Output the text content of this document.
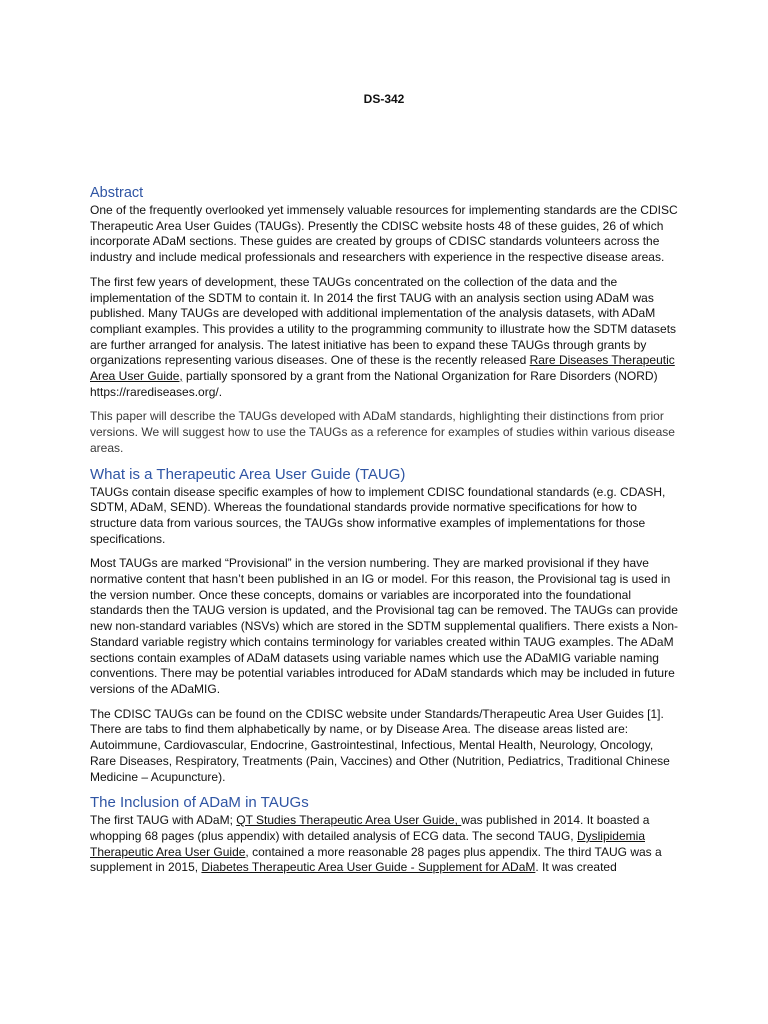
DS-342
Abstract

One of the frequently overlooked yet immensely valuable resources for implementing standards are the CDISC Therapeutic Area User Guides (TAUGs). Presently the CDISC website hosts 48 of these guides, 26 of which incorporate ADaM sections. These guides are created by groups of CDISC standards volunteers across the industry and include medical professionals and researchers with experience in the respective disease areas.

The first few years of development, these TAUGs concentrated on the collection of the data and the implementation of the SDTM to contain it. In 2014 the first TAUG with an analysis section using ADaM was published. Many TAUGs are developed with additional implementation of the analysis datasets, with ADaM compliant examples. This provides a utility to the programming community to illustrate how the SDTM datasets are further arranged for analysis. The latest initiative has been to expand these TAUGs through grants by organizations representing various diseases. One of these is the recently released Rare Diseases Therapeutic Area User Guide, partially sponsored by a grant from the National Organization for Rare Disorders (NORD) https://rarediseases.org/.

This paper will describe the TAUGs developed with ADaM standards, highlighting their distinctions from prior versions. We will suggest how to use the TAUGs as a reference for examples of studies within various disease areas.

What is a Therapeutic Area User Guide (TAUG)

TAUGs contain disease specific examples of how to implement CDISC foundational standards (e.g. CDASH, SDTM, ADaM, SEND). Whereas the foundational standards provide normative specifications for how to structure data from various sources, the TAUGs show informative examples of implementations for those specifications.

Most TAUGs are marked “Provisional” in the version numbering. They are marked provisional if they have normative content that hasn’t been published in an IG or model. For this reason, the Provisional tag is used in the version number. Once these concepts, domains or variables are incorporated into the foundational standards then the TAUG version is updated, and the Provisional tag can be removed. The TAUGs can provide new non-standard variables (NSVs) which are stored in the SDTM supplemental qualifiers. There exists a Non-Standard variable registry which contains terminology for variables created within TAUG examples. The ADaM sections contain examples of ADaM datasets using variable names which use the ADaMIG variable naming conventions. There may be potential variables introduced for ADaM standards which may be included in future versions of the ADaMIG.

The CDISC TAUGs can be found on the CDISC website under Standards/Therapeutic Area User Guides [1]. There are tabs to find them alphabetically by name, or by Disease Area. The disease areas listed are: Autoimmune, Cardiovascular, Endocrine, Gastrointestinal, Infectious, Mental Health, Neurology, Oncology, Rare Diseases, Respiratory, Treatments (Pain, Vaccines) and Other (Nutrition, Pediatrics, Traditional Chinese Medicine – Acupuncture).

The Inclusion of ADaM in TAUGs

The first TAUG with ADaM; QT Studies Therapeutic Area User Guide, was published in 2014. It boasted a whopping 68 pages (plus appendix) with detailed analysis of ECG data. The second TAUG, Dyslipidemia Therapeutic Area User Guide, contained a more reasonable 28 pages plus appendix. The third TAUG was a supplement in 2015, Diabetes Therapeutic Area User Guide - Supplement for ADaM. It was created
